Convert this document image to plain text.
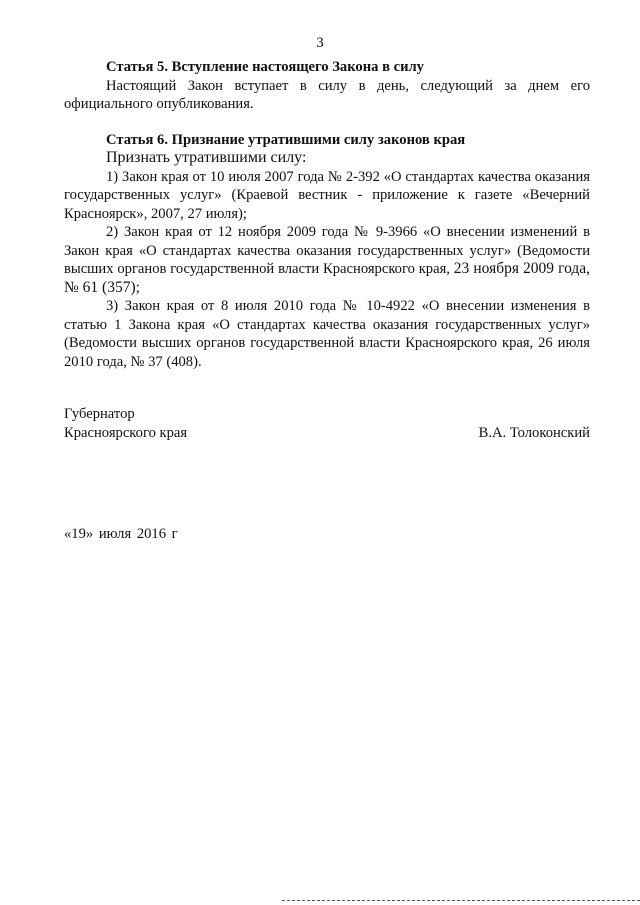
3

Статья 5. Вступление настоящего Закона в силу

Настоящий Закон вступает в силу в день, следующий за днем его официального опубликования.

Статья 6. Признание утратившими силу законов края

Признать утратившими силу:

1) Закон края от 10 июля 2007 года № 2-392 «О стандартах качества оказания государственных услуг» (Краевой вестник - приложение к газете «Вечерний Красноярск», 2007, 27 июля);

2) Закон края от 12 ноября 2009 года № 9-3966 «О внесении изменений в Закон края «О стандартах качества оказания государственных услуг» (Ведомости высших органов государственной власти Красноярского края, 23 ноября 2009 года, № 61 (357);

3) Закон края от 8 июля 2010 года № 10-4922 «О внесении изменения в статью 1 Закона края «О стандартах качества оказания государственных услуг» (Ведомости высших органов государственной власти Красноярского края, 26 июля 2010 года, № 37 (408).

Губернатор
Красноярского края	В.А. Толоконский
«19» июля 2016 г
